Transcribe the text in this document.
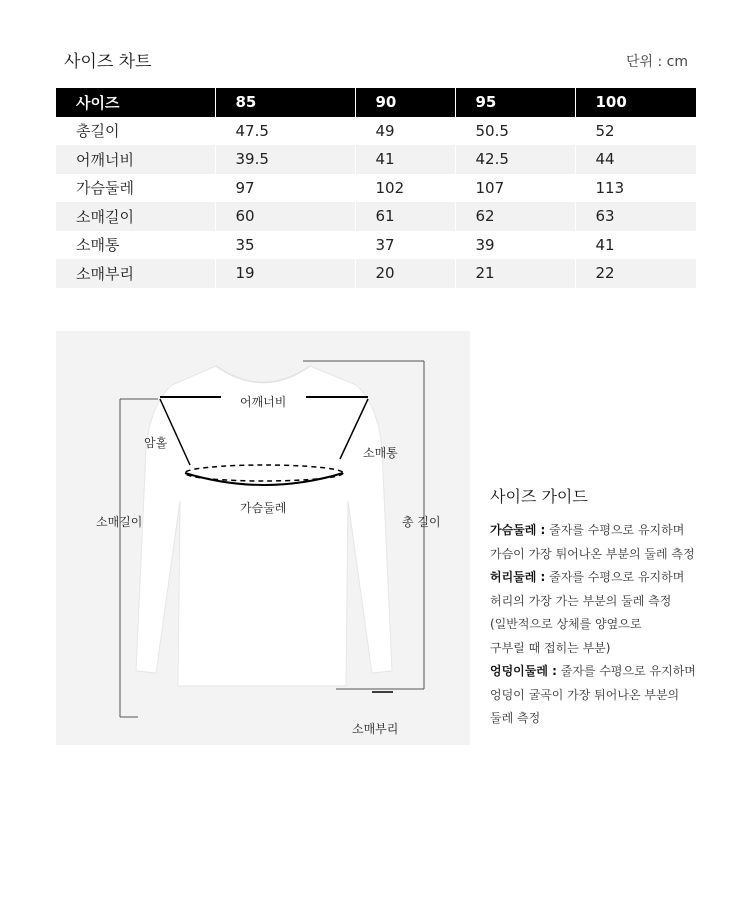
사이즈 차트	단위 : cm
사이즈	85	90	95	100
총길이	47.5	49	50.5	52
어깨너비	39.5	41	42.5	44
가슴둘레	97	102	107	113
소매길이	60	61	62	63
소매통	35	37	39	41
소매부리	19	20	21	22
어깨너비
암홀
소매통
가슴둘레
소매길이	총 길이
소매부리
사이즈 가이드
가슴둘레 : 줄자를 수평으로 유지하며
가슴이 가장 튀어나온 부분의 둘레 측정
허리둘레 : 줄자를 수평으로 유지하며
허리의 가장 가는 부분의 둘레 측정
(일반적으로 상체를 양옆으로
구부릴 때 접히는 부분)
엉덩이둘레 : 줄자를 수평으로 유지하며
엉덩이 굴곡이 가장 튀어나온 부분의
둘레 측정
